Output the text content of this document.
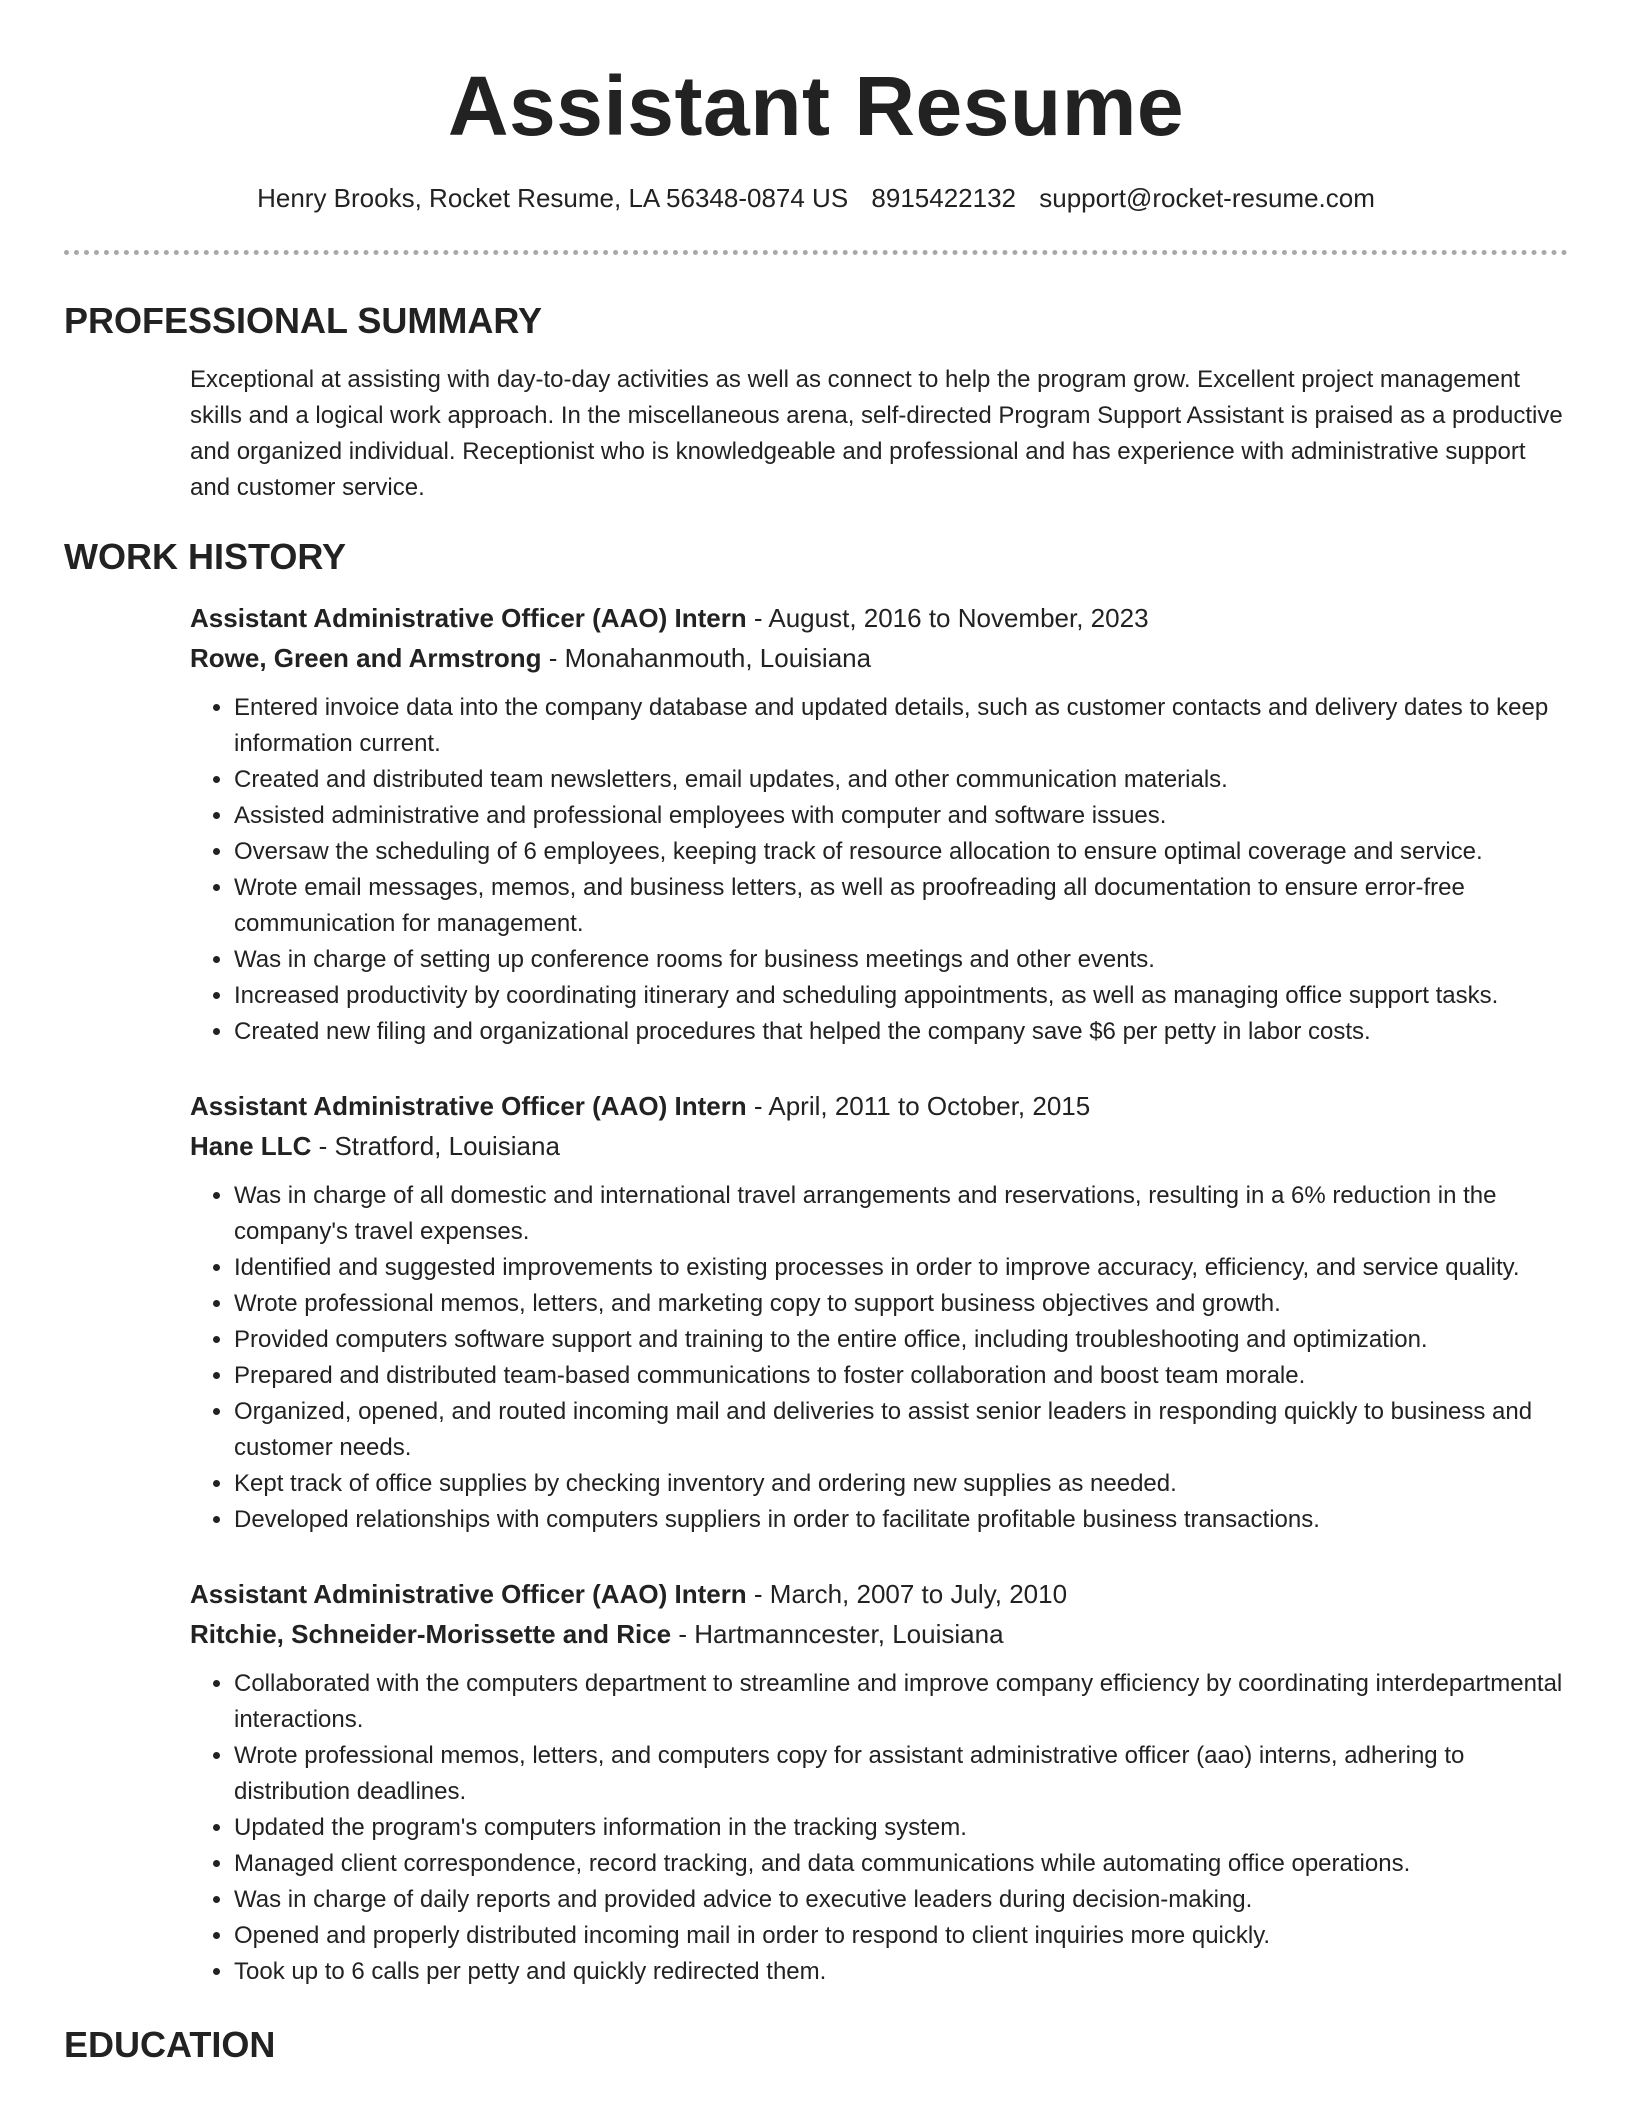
Assistant Resume
Henry Brooks, Rocket Resume, LA 56348-0874 US 8915422132 support@rocket-resume.com
PROFESSIONAL SUMMARY

Exceptional at assisting with day-to-day activities as well as connect to help the program grow. Excellent project management skills and a logical work approach. In the miscellaneous arena, self-directed Program Support Assistant is praised as a productive and organized individual. Receptionist who is knowledgeable and professional and has experience with administrative support and customer service.

WORK HISTORY
Assistant Administrative Officer (AAO) Intern - August, 2016 to November, 2023
Rowe, Green and Armstrong - Monahanmouth, Louisiana
• Entered invoice data into the company database and updated details, such as customer contacts and delivery dates to keep information current.
• Created and distributed team newsletters, email updates, and other communication materials.
• Assisted administrative and professional employees with computer and software issues.
• Oversaw the scheduling of 6 employees, keeping track of resource allocation to ensure optimal coverage and service.
• Wrote email messages, memos, and business letters, as well as proofreading all documentation to ensure error-free communication for management.
• Was in charge of setting up conference rooms for business meetings and other events.
• Increased productivity by coordinating itinerary and scheduling appointments, as well as managing office support tasks.
• Created new filing and organizational procedures that helped the company save $6 per petty in labor costs.
Assistant Administrative Officer (AAO) Intern - April, 2011 to October, 2015
Hane LLC - Stratford, Louisiana
• Was in charge of all domestic and international travel arrangements and reservations, resulting in a 6% reduction in the company's travel expenses.
• Identified and suggested improvements to existing processes in order to improve accuracy, efficiency, and service quality.
• Wrote professional memos, letters, and marketing copy to support business objectives and growth.
• Provided computers software support and training to the entire office, including troubleshooting and optimization.
• Prepared and distributed team-based communications to foster collaboration and boost team morale.
• Organized, opened, and routed incoming mail and deliveries to assist senior leaders in responding quickly to business and customer needs.
• Kept track of office supplies by checking inventory and ordering new supplies as needed.
• Developed relationships with computers suppliers in order to facilitate profitable business transactions.
Assistant Administrative Officer (AAO) Intern - March, 2007 to July, 2010
Ritchie, Schneider-Morissette and Rice - Hartmanncester, Louisiana
• Collaborated with the computers department to streamline and improve company efficiency by coordinating interdepartmental interactions.
• Wrote professional memos, letters, and computers copy for assistant administrative officer (aao) interns, adhering to distribution deadlines.
• Updated the program's computers information in the tracking system.
• Managed client correspondence, record tracking, and data communications while automating office operations.
• Was in charge of daily reports and provided advice to executive leaders during decision-making.
• Opened and properly distributed incoming mail in order to respond to client inquiries more quickly.
• Took up to 6 calls per petty and quickly redirected them.
EDUCATION
